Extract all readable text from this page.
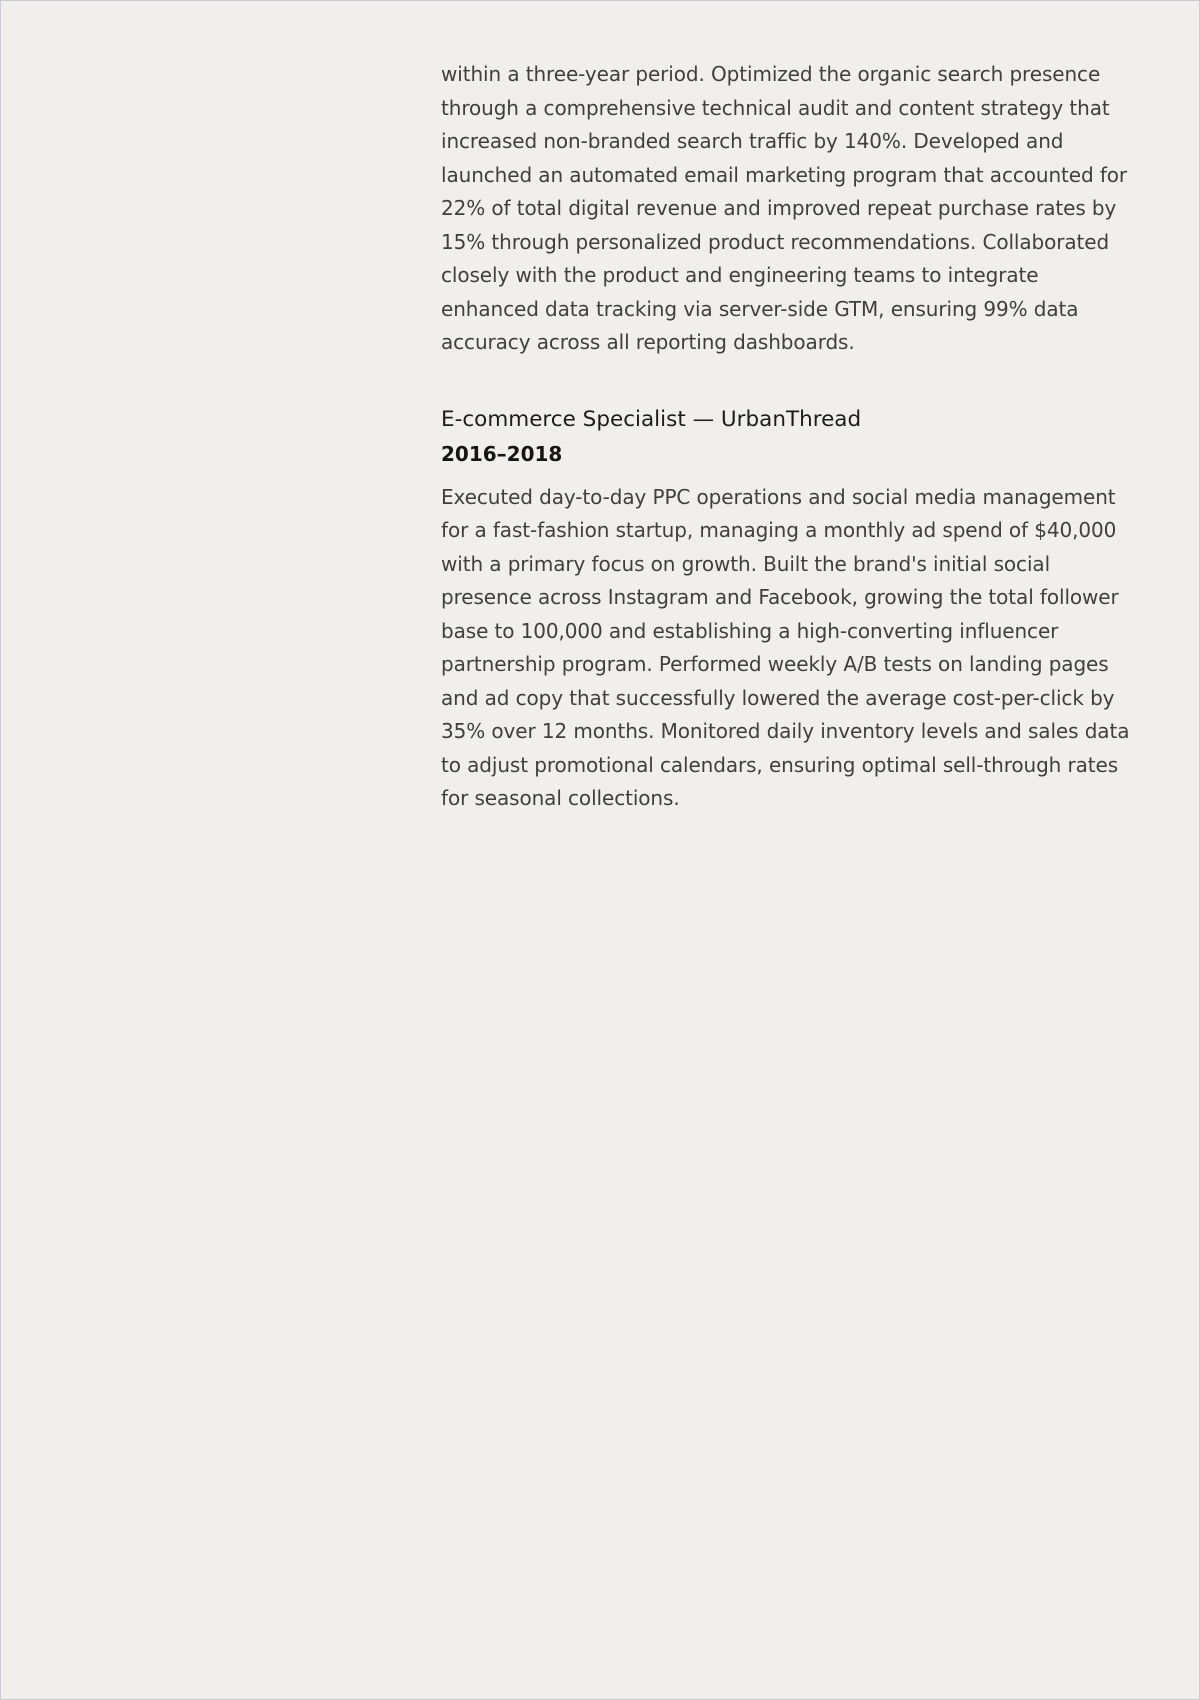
within a three-year period. Optimized the organic search presence through a comprehensive technical audit and content strategy that increased non-branded search traffic by 140%. Developed and launched an automated email marketing program that accounted for 22% of total digital revenue and improved repeat purchase rates by 15% through personalized product recommendations. Collaborated closely with the product and engineering teams to integrate enhanced data tracking via server-side GTM, ensuring 99% data accuracy across all reporting dashboards.

E-commerce Specialist — UrbanThread
2016–2018

Executed day-to-day PPC operations and social media management for a fast-fashion startup, managing a monthly ad spend of $40,000 with a primary focus on growth. Built the brand's initial social presence across Instagram and Facebook, growing the total follower base to 100,000 and establishing a high-converting influencer partnership program. Performed weekly A/B tests on landing pages and ad copy that successfully lowered the average cost-per-click by 35% over 12 months. Monitored daily inventory levels and sales data to adjust promotional calendars, ensuring optimal sell-through rates for seasonal collections.
